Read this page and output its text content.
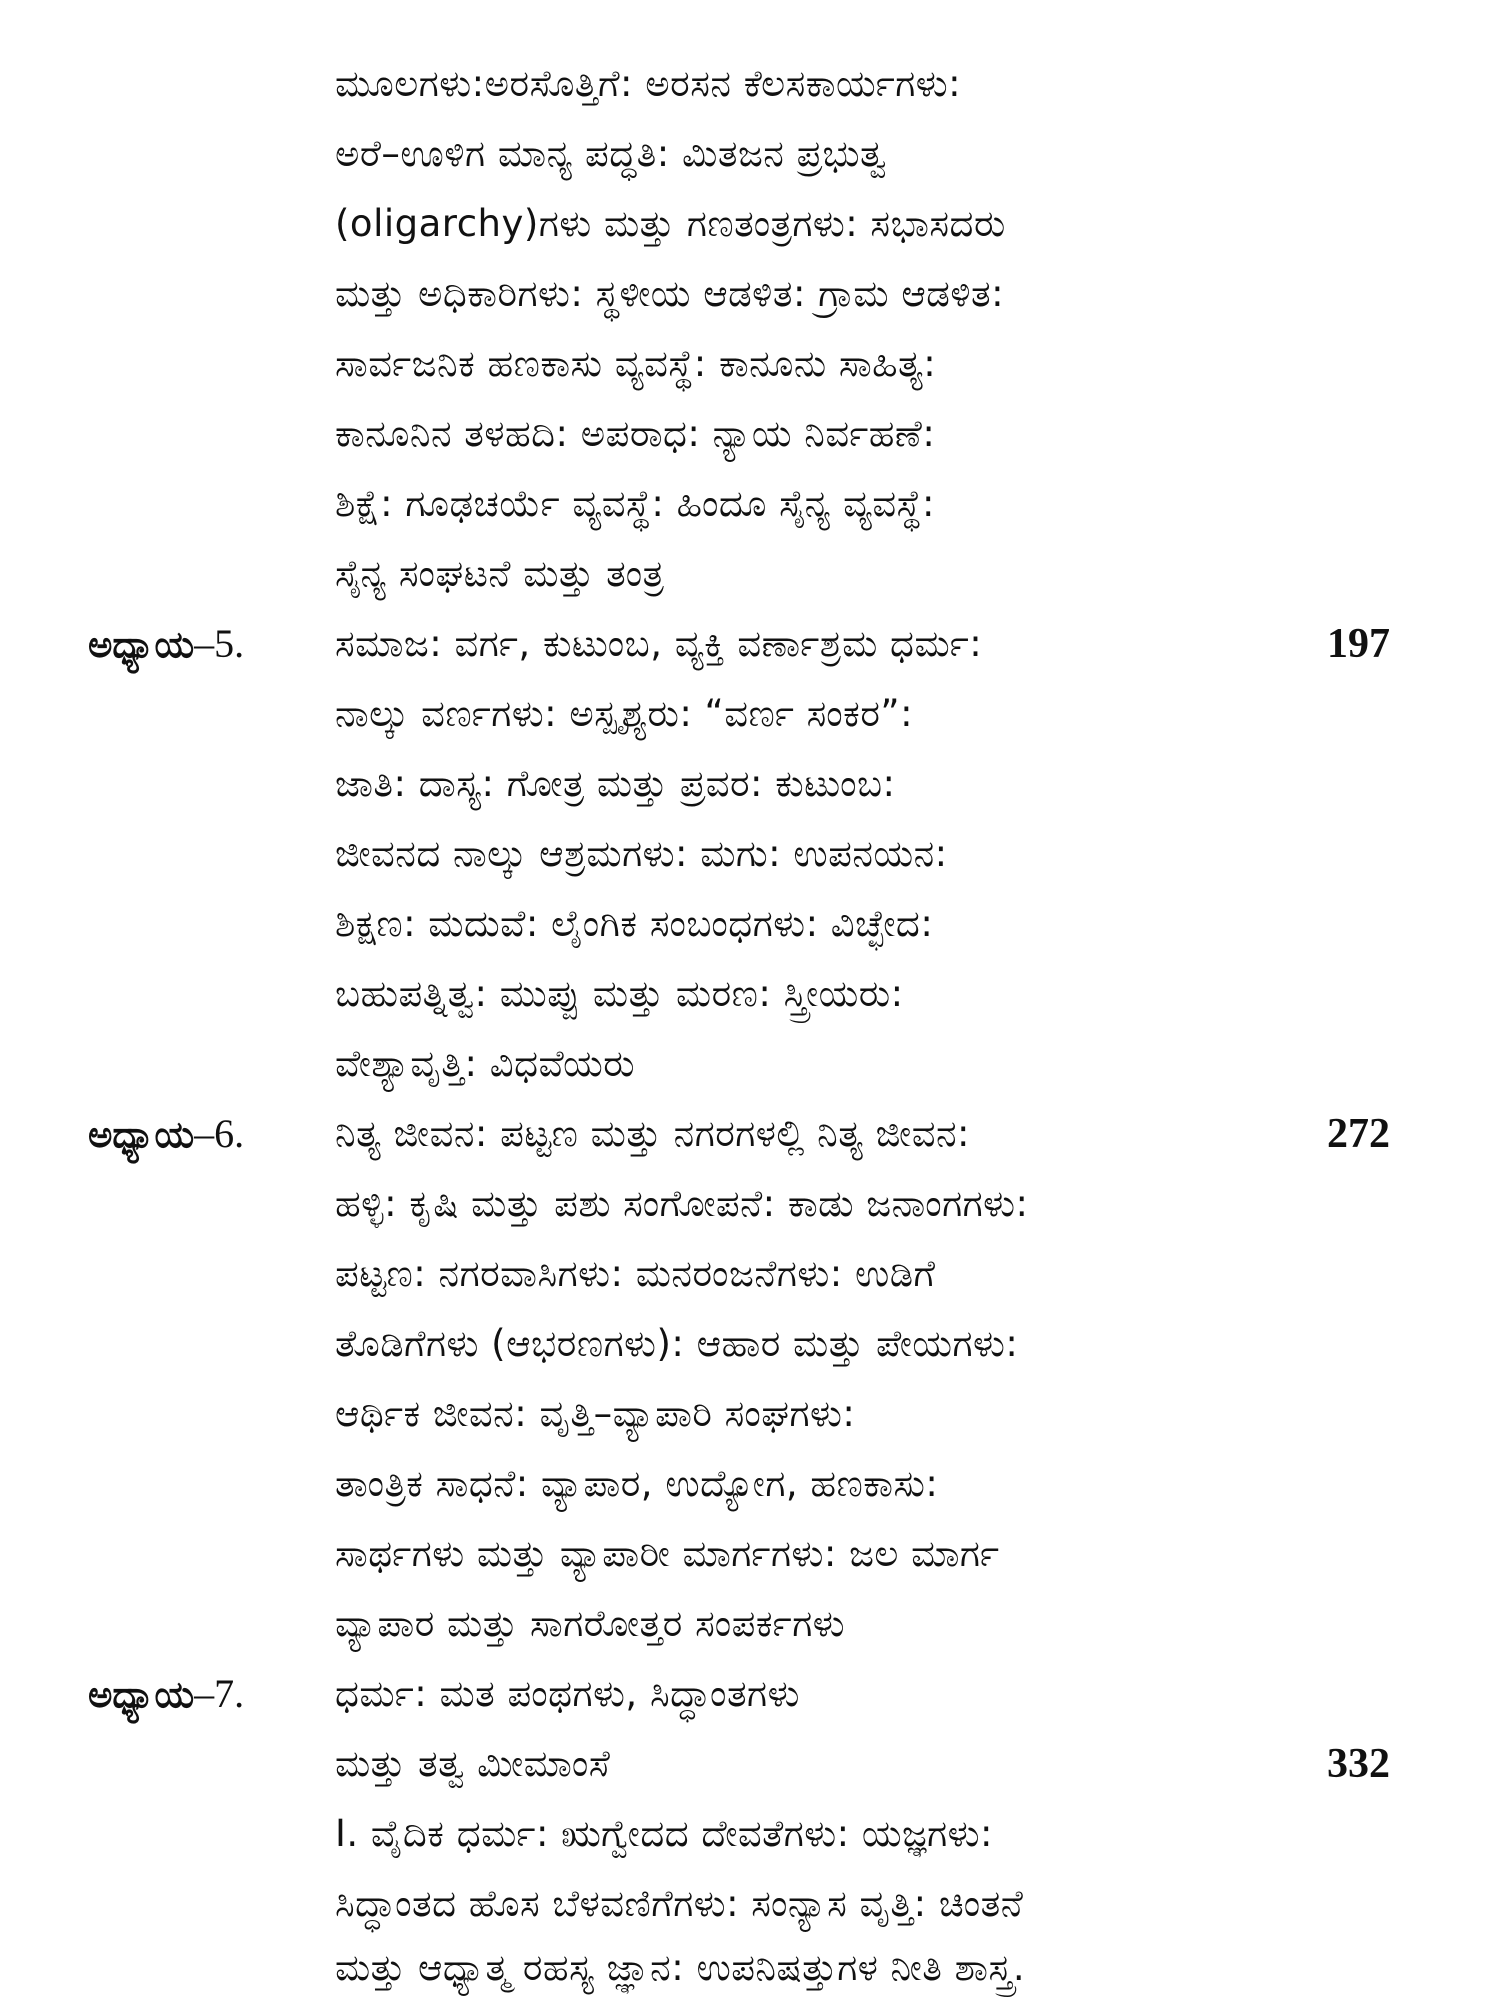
ಮೂಲಗಳು:ಅರಸೊತ್ತಿಗೆ: ಅರಸನ ಕೆಲಸಕಾರ್ಯಗಳು:
ಅರೆ–ಊಳಿಗ ಮಾನ್ಯ ಪದ್ಧತಿ: ಮಿತಜನ ಪ್ರಭುತ್ವ
(oligarchy)ಗಳು ಮತ್ತು ಗಣತಂತ್ರಗಳು: ಸಭಾಸದರು
ಮತ್ತು ಅಧಿಕಾರಿಗಳು: ಸ್ಥಳೀಯ ಆಡಳಿತ: ಗ್ರಾಮ ಆಡಳಿತ:
ಸಾರ್ವಜನಿಕ ಹಣಕಾಸು ವ್ಯವಸ್ಥೆ: ಕಾನೂನು ಸಾಹಿತ್ಯ:
ಕಾನೂನಿನ ತಳಹದಿ: ಅಪರಾಧ: ನ್ಯಾಯ ನಿರ್ವಹಣೆ:
ಶಿಕ್ಷೆ: ಗೂಢಚರ್ಯೆ ವ್ಯವಸ್ಥೆ: ಹಿಂದೂ ಸೈನ್ಯ ವ್ಯವಸ್ಥೆ:
ಸೈನ್ಯ ಸಂಘಟನೆ ಮತ್ತು ತಂತ್ರ
ಅಧ್ಯಾಯ–5. ಸಮಾಜ: ವರ್ಗ, ಕುಟುಂಬ, ವ್ಯಕ್ತಿ ವರ್ಣಾಶ್ರಮ ಧರ್ಮ:	197
ನಾಲ್ಕು ವರ್ಣಗಳು: ಅಸ್ಪೃಶ್ಯರು: “ವರ್ಣ ಸಂಕರ”:
ಜಾತಿ: ದಾಸ್ಯ: ಗೋತ್ರ ಮತ್ತು ಪ್ರವರ: ಕುಟುಂಬ:
ಜೀವನದ ನಾಲ್ಕು ಆಶ್ರಮಗಳು: ಮಗು: ಉಪನಯನ:
ಶಿಕ್ಷಣ: ಮದುವೆ: ಲೈಂಗಿಕ ಸಂಬಂಧಗಳು: ವಿಚ್ಛೇದ:
ಬಹುಪತ್ನಿತ್ವ: ಮುಪ್ಪು ಮತ್ತು ಮರಣ: ಸ್ತ್ರೀಯರು:
ವೇಶ್ಯಾವೃತ್ತಿ: ವಿಧವೆಯರು
ಅಧ್ಯಾಯ–6. ನಿತ್ಯ ಜೀವನ: ಪಟ್ಟಣ ಮತ್ತು ನಗರಗಳಲ್ಲಿ ನಿತ್ಯ ಜೀವನ:	272
ಹಳ್ಳಿ: ಕೃಷಿ ಮತ್ತು ಪಶು ಸಂಗೋಪನೆ: ಕಾಡು ಜನಾಂಗಗಳು:
ಪಟ್ಟಣ: ನಗರವಾಸಿಗಳು: ಮನರಂಜನೆಗಳು: ಉಡಿಗೆ
ತೊಡಿಗೆಗಳು (ಆಭರಣಗಳು): ಆಹಾರ ಮತ್ತು ಪೇಯಗಳು:
ಆರ್ಥಿಕ ಜೀವನ: ವೃತ್ತಿ–ವ್ಯಾಪಾರಿ ಸಂಘಗಳು:
ತಾಂತ್ರಿಕ ಸಾಧನೆ: ವ್ಯಾಪಾರ, ಉದ್ಯೋಗ, ಹಣಕಾಸು:
ಸಾರ್ಥಗಳು ಮತ್ತು ವ್ಯಾಪಾರೀ ಮಾರ್ಗಗಳು: ಜಲ ಮಾರ್ಗ
ವ್ಯಾಪಾರ ಮತ್ತು ಸಾಗರೋತ್ತರ ಸಂಪರ್ಕಗಳು
ಅಧ್ಯಾಯ–7. ಧರ್ಮ: ಮತ ಪಂಥಗಳು, ಸಿದ್ಧಾಂತಗಳು
ಮತ್ತು ತತ್ವ ಮೀಮಾಂಸೆ	332
I. ವೈದಿಕ ಧರ್ಮ: ಋಗ್ವೇದದ ದೇವತೆಗಳು: ಯಜ್ಞಗಳು:
ಸಿದ್ಧಾಂತದ ಹೊಸ ಬೆಳವಣಿಗೆಗಳು: ಸಂನ್ಯಾಸ ವೃತ್ತಿ: ಚಿಂತನೆ
ಮತ್ತು ಆಧ್ಯಾತ್ಮ ರಹಸ್ಯ ಜ್ಞಾನ: ಉಪನಿಷತ್ತುಗಳ ನೀತಿ ಶಾಸ್ತ್ರ.
